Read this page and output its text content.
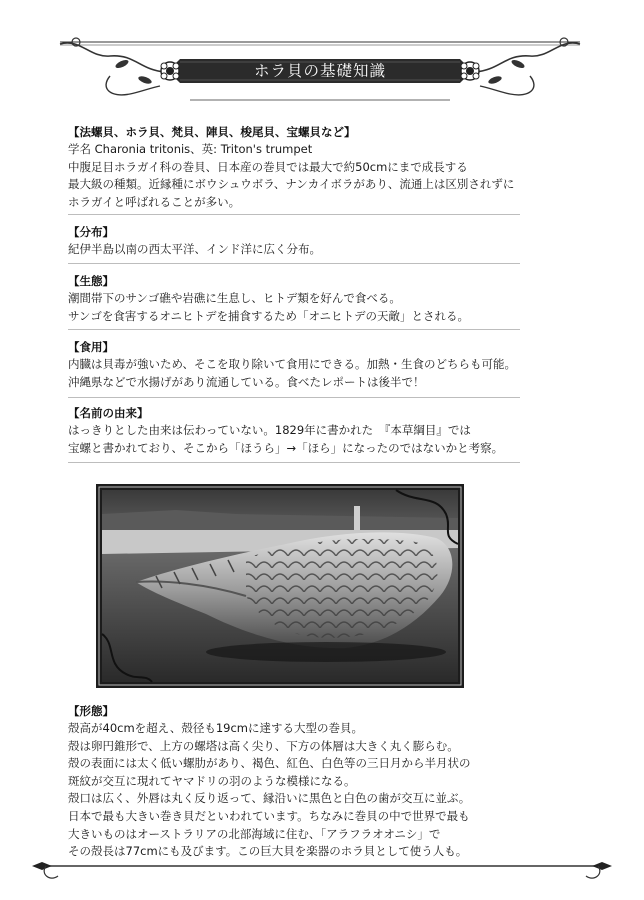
ホラ貝の基礎知識
【法螺貝、ホラ貝、梵貝、陣貝、梭尾貝、宝螺貝など】
学名 Charonia tritonis、英: Triton's trumpet
中腹足目ホラガイ科の巻貝、日本産の巻貝では最大で約50cmにまで成長する
最大級の種類。近縁種にボウシュウボラ、ナンカイボラがあり、流通上は区別されずに
ホラガイと呼ばれることが多い。
【分布】
紀伊半島以南の西太平洋、インド洋に広く分布。
【生態】
潮間帯下のサンゴ礁や岩礁に生息し、ヒトデ類を好んで食べる。
サンゴを食害するオニヒトデを捕食するため「オニヒトデの天敵」とされる。
【食用】
内臓は貝毒が強いため、そこを取り除いて食用にできる。加熱・生食のどちらも可能。
沖縄県などで水揚げがあり流通している。食べたレポートは後半で！
【名前の由来】
はっきりとした由来は伝わっていない。1829年に書かれた　『本草綱目』では
宝螺と書かれており、そこから「ほうら」→「ほら」になったのではないかと考察。
【形態】
殻高が40cmを超え、殻径も19cmに達する大型の巻貝。
殻は卵円錐形で、上方の螺塔は高く尖り、下方の体層は大きく丸く膨らむ。
殻の表面には太く低い螺肋があり、褐色、紅色、白色等の三日月から半月状の
斑紋が交互に現れてヤマドリの羽のような模様になる。
殻口は広く、外唇は丸く反り返って、縁沿いに黒色と白色の歯が交互に並ぶ。
日本で最も大きい巻き貝だといわれています。ちなみに巻貝の中で世界で最も
大きいものはオーストラリアの北部海域に住む、「アラフラオオニシ」で
その殻長は77cmにも及びます。この巨大貝を楽器のホラ貝として使う人も。
